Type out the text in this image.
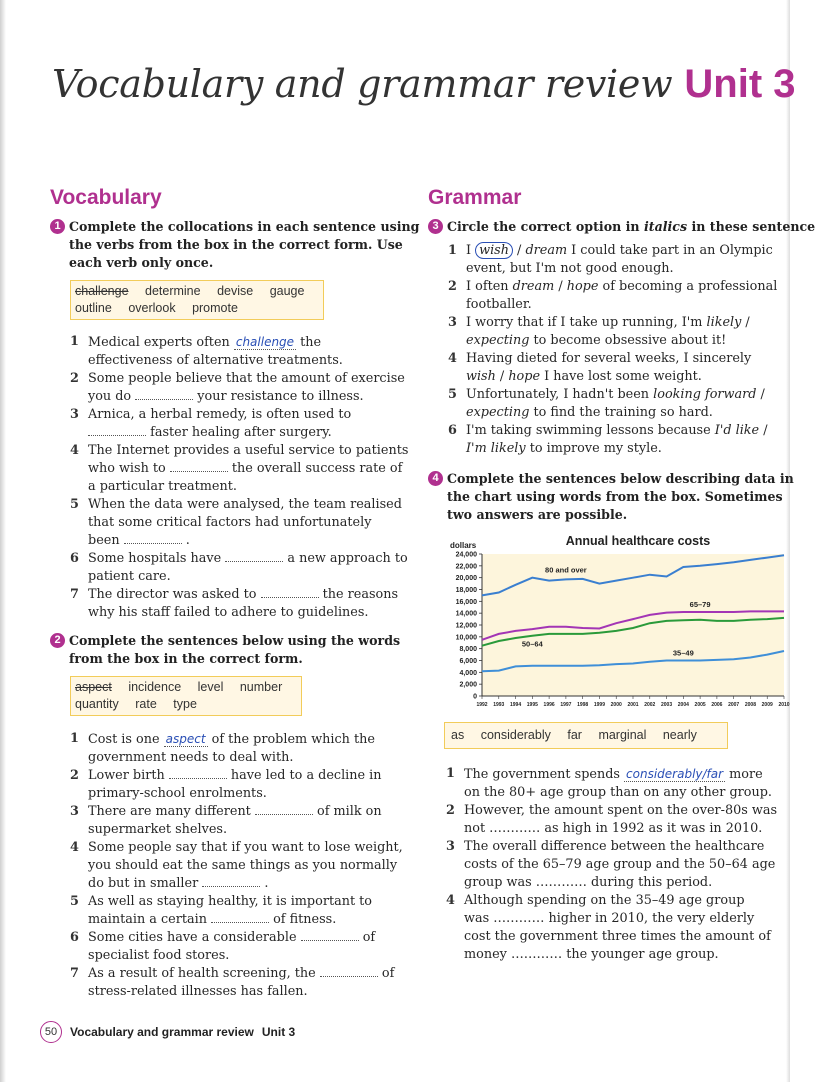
Vocabulary and grammar review Unit 3
Vocabulary
1 Complete the collocations in each sentence using
the verbs from the box in the correct form. Use
each verb only once.
challenge determine devise gauge
outline overlook promote
1 Medical experts often challenge the
effectiveness of alternative treatments.
2 Some people believe that the amount of exercise
you do	your resistance to illness.
3 Arnica, a herbal remedy, is often used to
faster healing after surgery.
4 The Internet provides a useful service to patients
who wish to	the overall success rate of
a particular treatment.
5 When the data were analysed, the team realised
that some critical factors had unfortunately
been	.
6 Some hospitals have	a new approach to
patient care.
7 The director was asked to	the reasons
why his staff failed to adhere to guidelines.
2 Complete the sentences below using the words
from the box in the correct form.
aspect incidence level number
quantity rate type
1 Cost is one aspect of the problem which the
government needs to deal with.
2 Lower birth	have led to a decline in
primary-school enrolments.
3 There are many different	of milk on
supermarket shelves.
4 Some people say that if you want to lose weight,
you should eat the same things as you normally
do but in smaller	.
5 As well as staying healthy, it is important to
maintain a certain	of fitness.
6 Some cities have a considerable	of
specialist food stores.
7 As a result of health screening, the	of
stress-related illnesses has fallen.
Grammar
3 Circle the correct option in italics in these sentence
1 I wish / dream I could take part in an Olympic
event, but I'm not good enough.
2 I often dream / hope of becoming a professional
footballer.
3 I worry that if I take up running, I'm likely /
expecting to become obsessive about it!
4 Having dieted for several weeks, I sincerely
wish / hope I have lost some weight.
5 Unfortunately, I hadn't been looking forward /
expecting to find the training so hard.
6 I'm taking swimming lessons because I'd like /
I'm likely to improve my style.
4 Complete the sentences below describing data in
the chart using words from the box. Sometimes
two answers are possible.
Annual healthcare costs
dollars
0
2,000
4,000
6,000
8,000
10,000
12,000
14,000
16,000
18,000
20,000
22,000
24,000
1992 1993 1994 1995 1996 1997 1998 1999 2000 2001 2002 2003 2004 2005 2006 2007 2008 2009 2010
80 and over
65–79
50–64
35–49
as considerably far marginal nearly
1 The government spends considerably/far more
on the 80+ age group than on any other group.
2 However, the amount spent on the over-80s was
not ………… as high in 1992 as it was in 2010.
3 The overall difference between the healthcare
costs of the 65–79 age group and the 50–64 age
group was ………… during this period.
4 Although spending on the 35–49 age group
was ………… higher in 2010, the very elderly
cost the government three times the amount of
money ………… the younger age group.
50	Vocabulary and grammar review Unit 3
